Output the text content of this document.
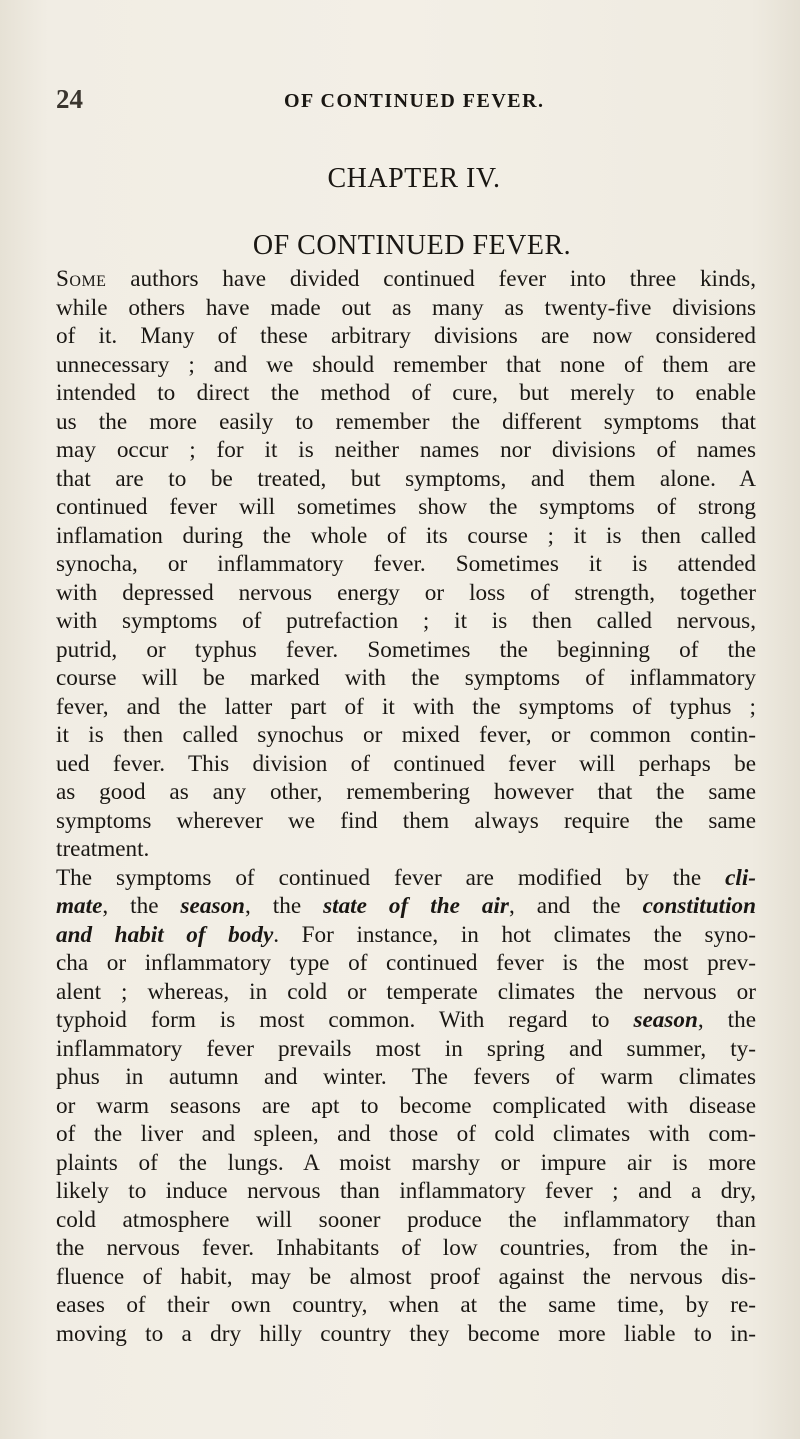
24	OF CONTINUED FEVER.
CHAPTER IV.
OF CONTINUED FEVER.
Some authors have divided continued fever into three kinds,
while others have made out as many as twenty-five divisions
of it. Many of these arbitrary divisions are now considered
unnecessary ; and we should remember that none of them are
intended to direct the method of cure, but merely to enable
us the more easily to remember the different symptoms that
may occur ; for it is neither names nor divisions of names
that are to be treated, but symptoms, and them alone. A
continued fever will sometimes show the symptoms of strong
inflamation during the whole of its course ; it is then called
synocha, or inflammatory fever. Sometimes it is attended
with depressed nervous energy or loss of strength, together
with symptoms of putrefaction ; it is then called nervous,
putrid, or typhus fever. Sometimes the beginning of the
course will be marked with the symptoms of inflammatory
fever, and the latter part of it with the symptoms of typhus ;
it is then called synochus or mixed fever, or common contin-
ued fever. This division of continued fever will perhaps be
as good as any other, remembering however that the same
symptoms wherever we find them always require the same
treatment.
The symptoms of continued fever are modified by the cli-
mate, the season, the state of the air, and the constitution
and habit of body. For instance, in hot climates the syno-
cha or inflammatory type of continued fever is the most prev-
alent ; whereas, in cold or temperate climates the nervous or
typhoid form is most common. With regard to season, the
inflammatory fever prevails most in spring and summer, ty-
phus in autumn and winter. The fevers of warm climates
or warm seasons are apt to become complicated with disease
of the liver and spleen, and those of cold climates with com-
plaints of the lungs. A moist marshy or impure air is more
likely to induce nervous than inflammatory fever ; and a dry,
cold atmosphere will sooner produce the inflammatory than
the nervous fever. Inhabitants of low countries, from the in-
fluence of habit, may be almost proof against the nervous dis-
eases of their own country, when at the same time, by re-
moving to a dry hilly country they become more liable to in-
